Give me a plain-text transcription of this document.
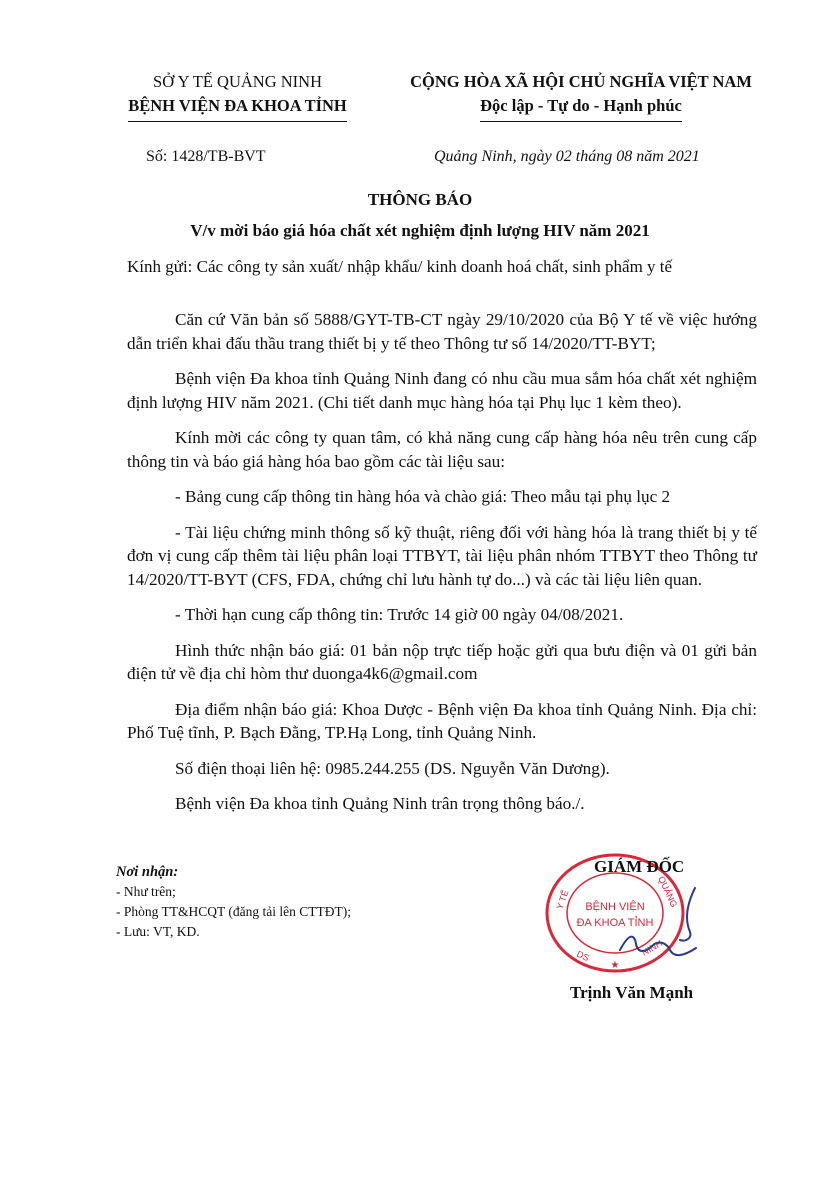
SỞ Y TẾ QUẢNG NINH
BỆNH VIỆN ĐA KHOA TỈNH
CỘNG HÒA XÃ HỘI CHỦ NGHĨA VIỆT NAM
Độc lập - Tự do - Hạnh phúc
Số: 1428/TB-BVT	Quảng Ninh, ngày 02 tháng 08 năm 2021
THÔNG BÁO
V/v mời báo giá hóa chất xét nghiệm định lượng HIV năm 2021
Kính gửi: Các công ty sản xuất/ nhập khẩu/ kinh doanh hoá chất, sinh phẩm y tế

Căn cứ Văn bản số 5888/GYT-TB-CT ngày 29/10/2020 của Bộ Y tế về việc hướng dẫn triển khai đấu thầu trang thiết bị y tế theo Thông tư số 14/2020/TT-BYT;

Bệnh viện Đa khoa tỉnh Quảng Ninh đang có nhu cầu mua sắm hóa chất xét nghiệm định lượng HIV năm 2021. (Chi tiết danh mục hàng hóa tại Phụ lục 1 kèm theo).

Kính mời các công ty quan tâm, có khả năng cung cấp hàng hóa nêu trên cung cấp thông tin và báo giá hàng hóa bao gồm các tài liệu sau:

- Bảng cung cấp thông tin hàng hóa và chào giá: Theo mẫu tại phụ lục 2

- Tài liệu chứng minh thông số kỹ thuật, riêng đối với hàng hóa là trang thiết bị y tế đơn vị cung cấp thêm tài liệu phân loại TTBYT, tài liệu phân nhóm TTBYT theo Thông tư 14/2020/TT-BYT (CFS, FDA, chứng chỉ lưu hành tự do...) và các tài liệu liên quan.

- Thời hạn cung cấp thông tin: Trước 14 giờ 00 ngày 04/08/2021.

Hình thức nhận báo giá: 01 bản nộp trực tiếp hoặc gửi qua bưu điện và 01 gửi bản điện tử về địa chỉ hòm thư duonga4k6@gmail.com

Địa điểm nhận báo giá: Khoa Dược - Bệnh viện Đa khoa tỉnh Quảng Ninh. Địa chỉ: Phố Tuệ tĩnh, P. Bạch Đằng, TP.Hạ Long, tỉnh Quảng Ninh.

Số điện thoại liên hệ: 0985.244.255 (DS. Nguyễn Văn Dương).

Bệnh viện Đa khoa tỉnh Quảng Ninh trân trọng thông báo./.

Nơi nhận:
- Như trên;
- Phòng TT&HCQT (đăng tải lên CTTĐT);
- Lưu: VT, KD.
Y TẾ	QUẢNG
DS	NINH
BỆNH VIỆN
ĐA KHOA TỈNH
★
GIÁM ĐỐC
Trịnh Văn Mạnh
